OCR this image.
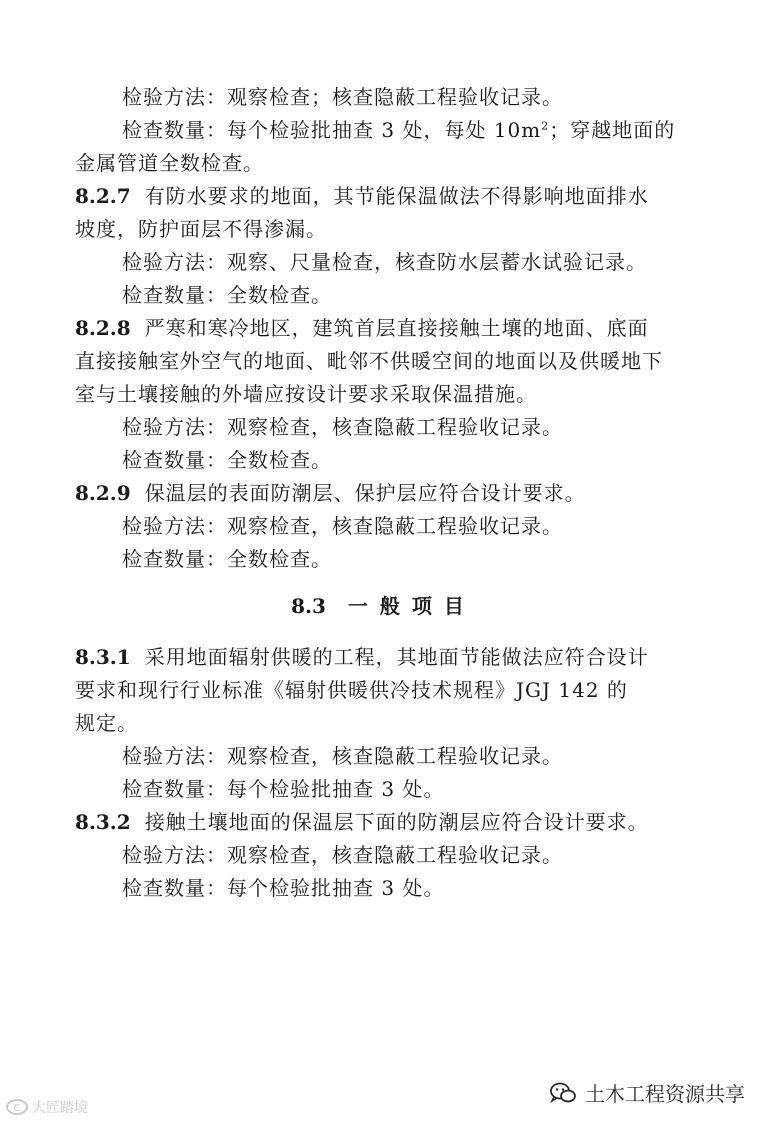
检验方法：观察检查；核查隐蔽工程验收记录。
检查数量：每个检验批抽查 3 处，每处 $10m^2$；穿越地面的
金属管道全数检查。
8.2.7 有防水要求的地面，其节能保温做法不得影响地面排水
坡度，防护面层不得渗漏。
检验方法：观察、尺量检查，核查防水层蓄水试验记录。
检查数量：全数检查。
8.2.8 严寒和寒冷地区，建筑首层直接接触土壤的地面、底面
直接接触室外空气的地面、毗邻不供暖空间的地面以及供暖地下
室与土壤接触的外墙应按设计要求采取保温措施。
检验方法：观察检查，核查隐蔽工程验收记录。
检查数量：全数检查。
8.2.9 保温层的表面防潮层、保护层应符合设计要求。
检验方法：观察检查，核查隐蔽工程验收记录。
检查数量：全数检查。
8.3 一般项目
8.3.1 采用地面辐射供暖的工程，其地面节能做法应符合设计
要求和现行行业标准《辐射供暖供冷技术规程》JGJ 142 的
规定。
检验方法：观察检查，核查隐蔽工程验收记录。
检查数量：每个检验批抽查 3 处。
8.3.2 接触土壤地面的保温层下面的防潮层应符合设计要求。
检验方法：观察检查，核查隐蔽工程验收记录。
检查数量：每个检验批抽查 3 处。
C 大匠踏境
土木工程资源共享
